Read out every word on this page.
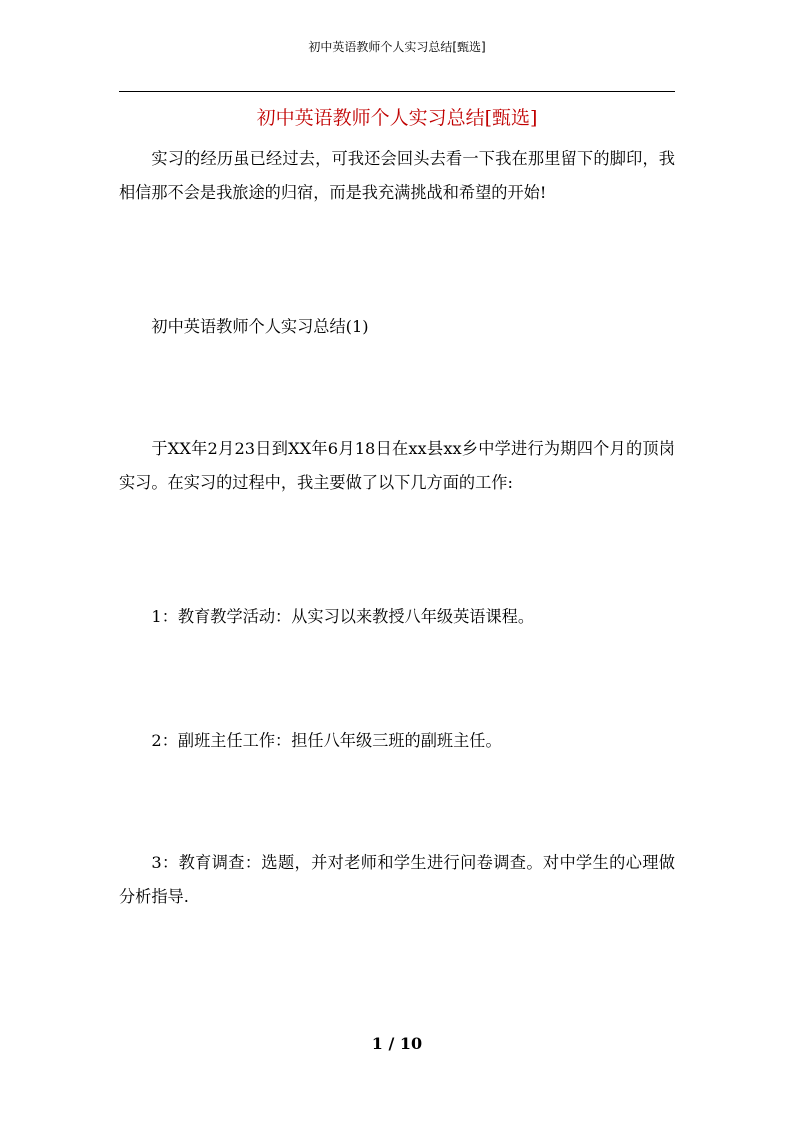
初中英语教师个人实习总结[甄选]
初中英语教师个人实习总结[甄选]

实习的经历虽已经过去，可我还会回头去看一下我在那里留下的脚印，我相信那不会是我旅途的归宿，而是我充满挑战和希望的开始!

初中英语教师个人实习总结(1)

于XX年2月23日到XX年6月18日在xx县xx乡中学进行为期四个月的顶岗实习。在实习的过程中，我主要做了以下几方面的工作:

1：教育教学活动：从实习以来教授八年级英语课程。

2：副班主任工作：担任八年级三班的副班主任。

3：教育调查：选题，并对老师和学生进行问卷调查。对中学生的心理做分析指导.

1 / 10
